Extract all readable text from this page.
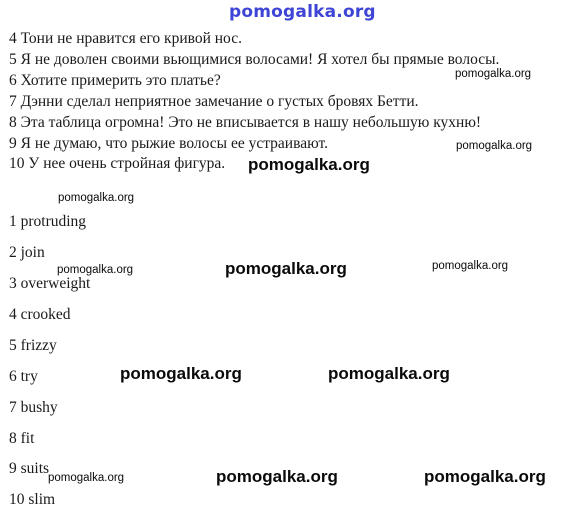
pomogalka.org
4 Тони не нравится его кривой нос.
5 Я не доволен своими вьющимися волосами! Я хотел бы прямые волосы.
6 Хотите примерить это платье?
7 Дэнни сделал неприятное замечание о густых бровях Бетти.
8 Эта таблица огромна! Это не вписывается в нашу небольшую кухню!
9 Я не думаю, что рыжие волосы ее устраивают.
10 У нее очень стройная фигура.
1 protruding
2 join
3 overweight
4 crooked
5 frizzy
6 try
7 bushy
8 fit
9 suits
10 slim
pomogalka.org
pomogalka.org
pomogalka.org
pomogalka.org
pomogalka.org	pomogalka.org	pomogalka.org
pomogalka.org	pomogalka.org
pomogalka.org	pomogalka.org	pomogalka.org
